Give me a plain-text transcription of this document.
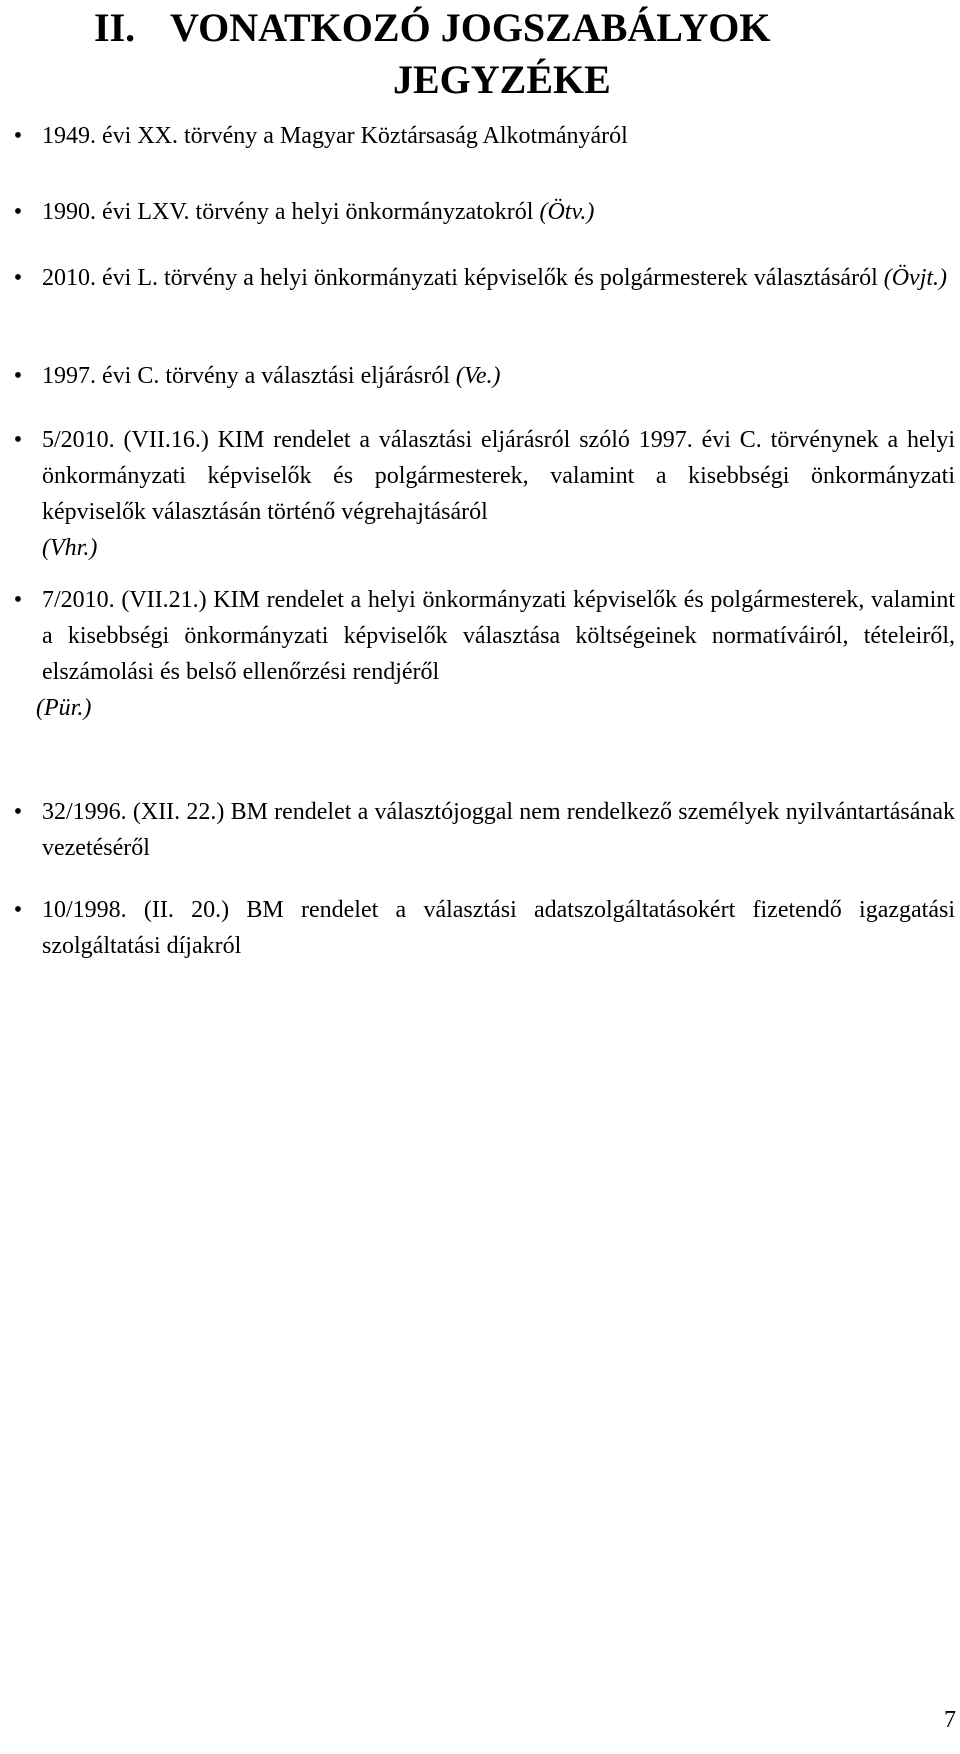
II. VONATKOZÓ JOGSZABÁLYOK
JEGYZÉKE
• 1949. évi XX. törvény a Magyar Köztársaság Alkotmányáról
• 1990. évi LXV. törvény a helyi önkormányzatokról (Ötv.)
• 2010. évi L. törvény a helyi önkormányzati képviselők és polgármesterek választásáról (Övjt.)
• 1997. évi C. törvény a választási eljárásról (Ve.)
• 5/2010. (VII.16.) KIM rendelet a választási eljárásról szóló 1997. évi C. törvénynek a helyi önkormányzati képviselők és polgármesterek, valamint a kisebbségi önkormányzati képviselők választásán történő végrehajtásáról
(Vhr.)
• 7/2010. (VII.21.) KIM rendelet a helyi önkormányzati képviselők és polgármesterek, valamint a kisebbségi önkormányzati képviselők választása költségeinek normatíváiról, tételeiről, elszámolási és belső ellenőrzési rendjéről
(Pür.)
• 32/1996. (XII. 22.) BM rendelet a választójoggal nem rendelkező személyek nyilvántartásának vezetéséről
• 10/1998. (II. 20.) BM rendelet a választási adatszolgáltatásokért fizetendő igazgatási szolgáltatási díjakról
7
